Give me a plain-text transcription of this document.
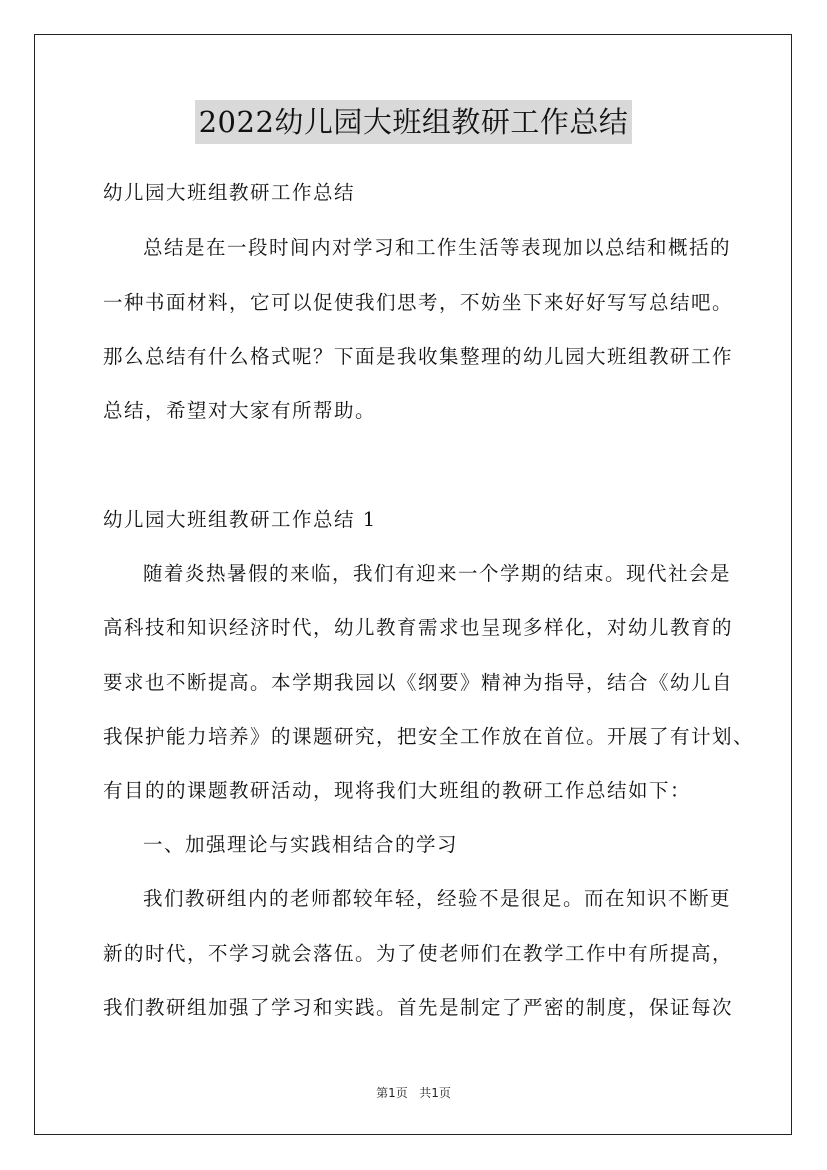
2022幼儿园大班组教研工作总结
幼儿园大班组教研工作总结
总结是在一段时间内对学习和工作生活等表现加以总结和概括的
一种书面材料，它可以促使我们思考，不妨坐下来好好写写总结吧。
那么总结有什么格式呢？下面是我收集整理的幼儿园大班组教研工作
总结，希望对大家有所帮助。
幼儿园大班组教研工作总结 1
随着炎热暑假的来临，我们有迎来一个学期的结束。现代社会是
高科技和知识经济时代，幼儿教育需求也呈现多样化，对幼儿教育的
要求也不断提高。本学期我园以《纲要》精神为指导，结合《幼儿自
我保护能力培养》的课题研究，把安全工作放在首位。开展了有计划、
有目的的课题教研活动，现将我们大班组的教研工作总结如下：
一、加强理论与实践相结合的学习
我们教研组内的老师都较年轻，经验不是很足。而在知识不断更
新的时代，不学习就会落伍。为了使老师们在教学工作中有所提高，
我们教研组加强了学习和实践。首先是制定了严密的制度，保证每次
第1页 共1页
